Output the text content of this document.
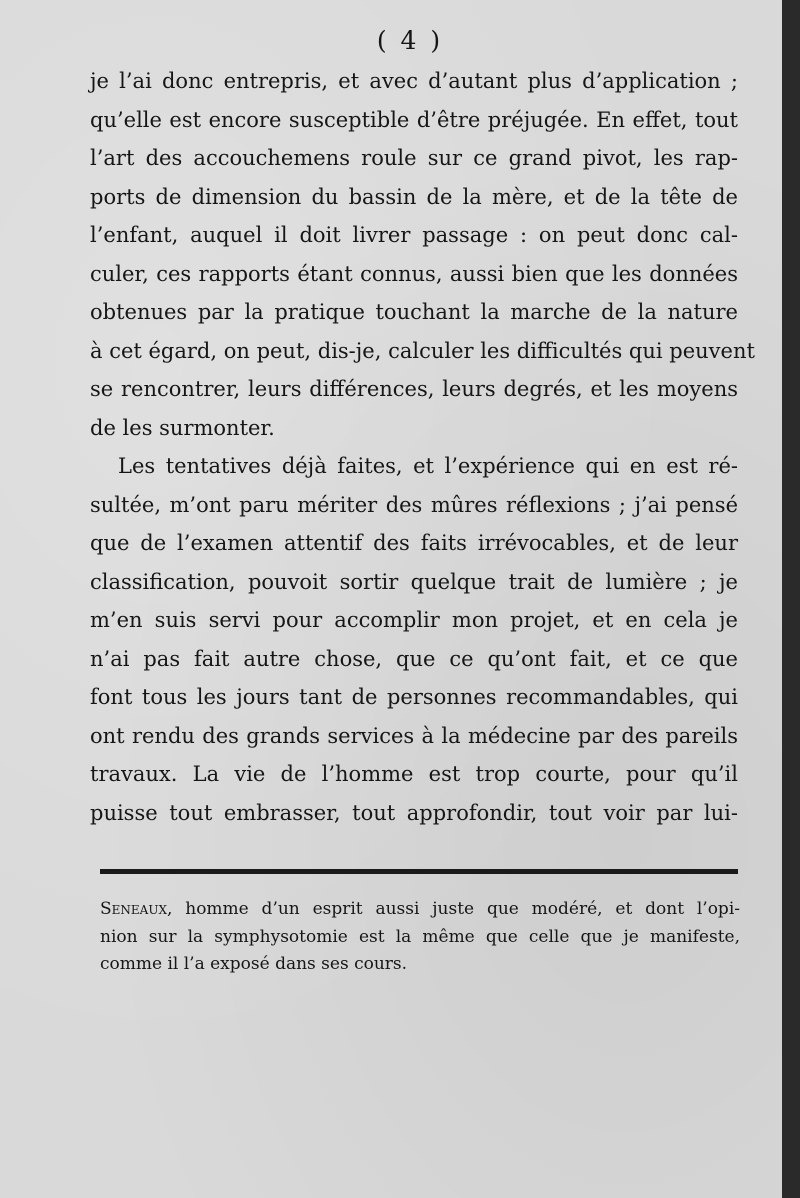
( 4 )
je l’ai donc entrepris, et avec d’autant plus d’application ;
qu’elle est encore susceptible d’être préjugée. En effet, tout
l’art des accouchemens roule sur ce grand pivot, les rap-
ports de dimension du bassin de la mère, et de la tête de
l’enfant, auquel il doit livrer passage : on peut donc cal-
culer, ces rapports étant connus, aussi bien que les données
obtenues par la pratique touchant la marche de la nature
à cet égard, on peut, dis-je, calculer les difficultés qui peuvent
se rencontrer, leurs différences, leurs degrés, et les moyens
de les surmonter.
Les tentatives déjà faites, et l’expérience qui en est ré-
sultée, m’ont paru mériter des mûres réflexions ; j’ai pensé
que de l’examen attentif des faits irrévocables, et de leur
classification, pouvoit sortir quelque trait de lumière ; je
m’en suis servi pour accomplir mon projet, et en cela je
n’ai pas fait autre chose, que ce qu’ont fait, et ce que
font tous les jours tant de personnes recommandables, qui
ont rendu des grands services à la médecine par des pareils
travaux. La vie de l’homme est trop courte, pour qu’il
puisse tout embrasser, tout approfondir, tout voir par lui-
Seneaux, homme d’un esprit aussi juste que modéré, et dont l’opi-
nion sur la symphysotomie est la même que celle que je manifeste,
comme il l’a exposé dans ses cours.
